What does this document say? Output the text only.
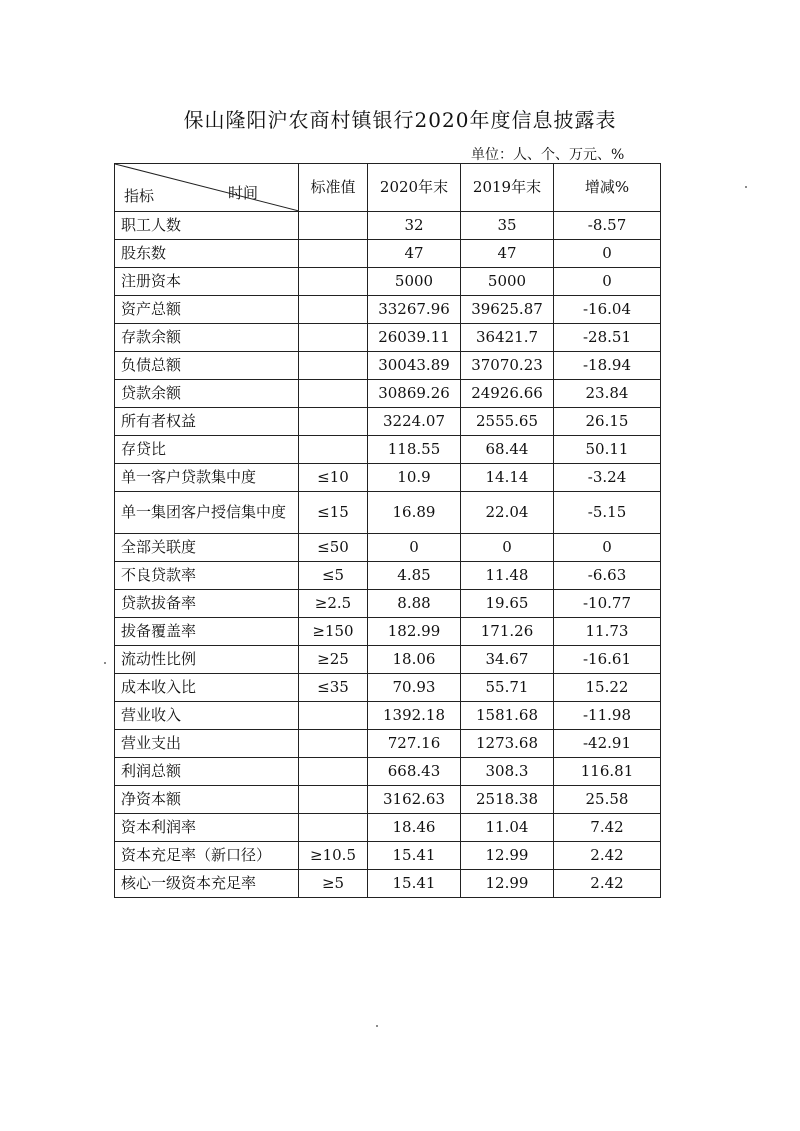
保山隆阳沪农商村镇银行2020年度信息披露表
单位：人、个、万元、%
指标 时间	标准值	2020年末	2019年末	增减%
职工人数		32	35	-8.57
股东数		47	47	0
注册资本		5000	5000	0
资产总额		33267.96	39625.87	-16.04
存款余额		26039.11	36421.7	-28.51
负债总额		30043.89	37070.23	-18.94
贷款余额		30869.26	24926.66	23.84
所有者权益		3224.07	2555.65	26.15
存贷比		118.55	68.44	50.11
单一客户贷款集中度	≤10	10.9	14.14	-3.24
单一集团客户授信集中度	≤15	16.89	22.04	-5.15
全部关联度	≤50	0	0	0
不良贷款率	≤5	4.85	11.48	-6.63
贷款拔备率	≥2.5	8.88	19.65	-10.77
拔备覆盖率	≥150	182.99	171.26	11.73
流动性比例	≥25	18.06	34.67	-16.61
成本收入比	≤35	70.93	55.71	15.22
营业收入		1392.18	1581.68	-11.98
营业支出		727.16	1273.68	-42.91
利润总额		668.43	308.3	116.81
净资本额		3162.63	2518.38	25.58
资本利润率		18.46	11.04	7.42
资本充足率（新口径）	≥10.5	15.41	12.99	2.42
核心一级资本充足率	≥5	15.41	12.99	2.42
